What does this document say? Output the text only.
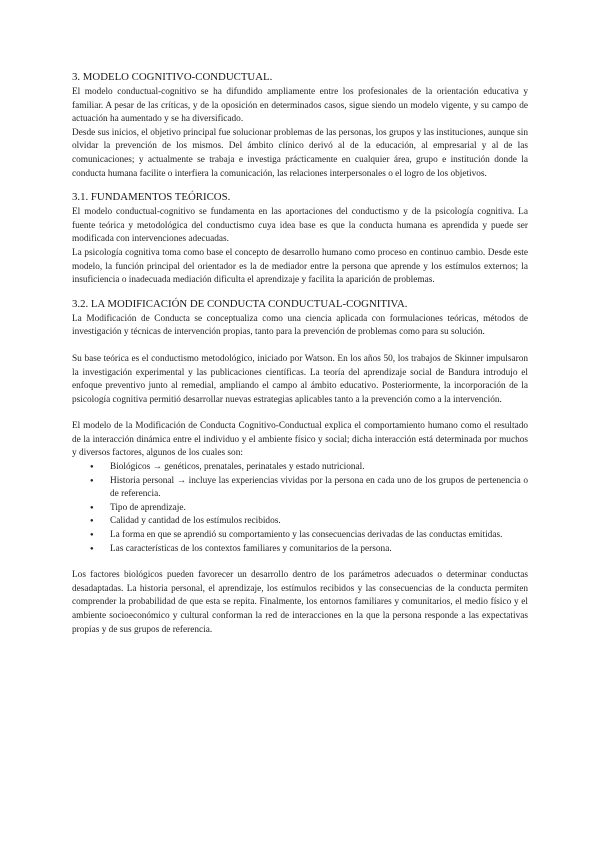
3. MODELO COGNITIVO-CONDUCTUAL.

El modelo conductual-cognitivo se ha difundido ampliamente entre los profesionales de la orientación educativa y familiar. A pesar de las críticas, y de la oposición en determinados casos, sigue siendo un modelo vigente, y su campo de actuación ha aumentado y se ha diversificado.

Desde sus inicios, el objetivo principal fue solucionar problemas de las personas, los grupos y las instituciones, aunque sin olvidar la prevención de los mismos. Del ámbito clínico derivó al de la educación, al empresarial y al de las comunicaciones; y actualmente se trabaja e investiga prácticamente en cualquier área, grupo e institución donde la conducta humana facilite o interfiera la comunicación, las relaciones interpersonales o el logro de los objetivos.

3.1. FUNDAMENTOS TEÓRICOS.

El modelo conductual-cognitivo se fundamenta en las aportaciones del conductismo y de la psicología cognitiva. La fuente teórica y metodológica del conductismo cuya idea base es que la conducta humana es aprendida y puede ser modificada con intervenciones adecuadas.

La psicología cognitiva toma como base el concepto de desarrollo humano como proceso en continuo cambio. Desde este modelo, la función principal del orientador es la de mediador entre la persona que aprende y los estímulos externos; la insuficiencia o inadecuada mediación dificulta el aprendizaje y facilita la aparición de problemas.

3.2. LA MODIFICACIÓN DE CONDUCTA CONDUCTUAL-COGNITIVA.

La Modificación de Conducta se conceptualiza como una ciencia aplicada con formulaciones teóricas, métodos de investigación y técnicas de intervención propias, tanto para la prevención de problemas como para su solución.

Su base teórica es el conductismo metodológico, iniciado por Watson. En los años 50, los trabajos de Skinner impulsaron la investigación experimental y las publicaciones científicas. La teoría del aprendizaje social de Bandura introdujo el enfoque preventivo junto al remedial, ampliando el campo al ámbito educativo. Posteriormente, la incorporación de la psicología cognitiva permitió desarrollar nuevas estrategias aplicables tanto a la prevención como a la intervención.

El modelo de la Modificación de Conducta Cognitivo-Conductual explica el comportamiento humano como el resultado de la interacción dinámica entre el individuo y el ambiente físico y social; dicha interacción está determinada por muchos y diversos factores, algunos de los cuales son:

● Biológicos → genéticos, prenatales, perinatales y estado nutricional.
● Historia personal → incluye las experiencias vividas por la persona en cada uno de los grupos de pertenencia o de referencia.
● Tipo de aprendizaje.
● Calidad y cantidad de los estímulos recibidos.
● La forma en que se aprendió su comportamiento y las consecuencias derivadas de las conductas emitidas.
● Las características de los contextos familiares y comunitarios de la persona.

Los factores biológicos pueden favorecer un desarrollo dentro de los parámetros adecuados o determinar conductas desadaptadas. La historia personal, el aprendizaje, los estímulos recibidos y las consecuencias de la conducta permiten comprender la probabilidad de que esta se repita. Finalmente, los entornos familiares y comunitarios, el medio físico y el ambiente socioeconómico y cultural conforman la red de interacciones en la que la persona responde a las expectativas propias y de sus grupos de referencia.
